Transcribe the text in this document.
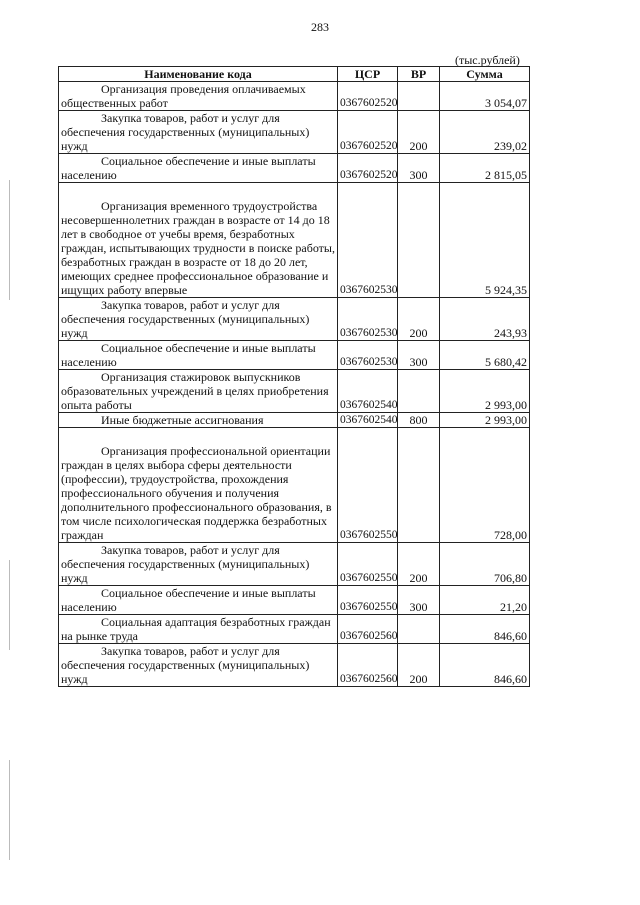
283
(тыс.рублей)
Наименование кода	ЦСР	ВР	Сумма

Организация проведения оплачиваемых общественных работ	0367602520		3 054,07

Закупка товаров, работ и услуг для обеспечения государственных (муниципальных) нужд	0367602520	200	239,02

Социальное обеспечение и иные выплаты населению	0367602520	300	2 815,05

Организация временного трудоустройства несовершеннолетних граждан в возрасте от 14 до 18 лет в свободное от учебы время, безработных граждан, испытывающих трудности в поиске работы, безработных граждан в возрасте от 18 до 20 лет, имеющих среднее профессиональное образование и ищущих работу впервые	0367602530		5 924,35

Закупка товаров, работ и услуг для обеспечения государственных (муниципальных) нужд	0367602530	200	243,93

Социальное обеспечение и иные выплаты населению	0367602530	300	5 680,42

Организация стажировок выпускников образовательных учреждений в целях приобретения опыта работы	0367602540		2 993,00

Иные бюджетные ассигнования	0367602540	800	2 993,00

Организация профессиональной ориентации граждан в целях выбора сферы деятельности (профессии), трудоустройства, прохождения профессионального обучения и получения дополнительного профессионального образования, в том числе психологическая поддержка безработных граждан	0367602550		728,00

Закупка товаров, работ и услуг для обеспечения государственных (муниципальных) нужд	0367602550	200	706,80

Социальное обеспечение и иные выплаты населению	0367602550	300	21,20

Социальная адаптация безработных граждан на рынке труда	0367602560		846,60

Закупка товаров, работ и услуг для обеспечения государственных (муниципальных) нужд	0367602560	200	846,60
